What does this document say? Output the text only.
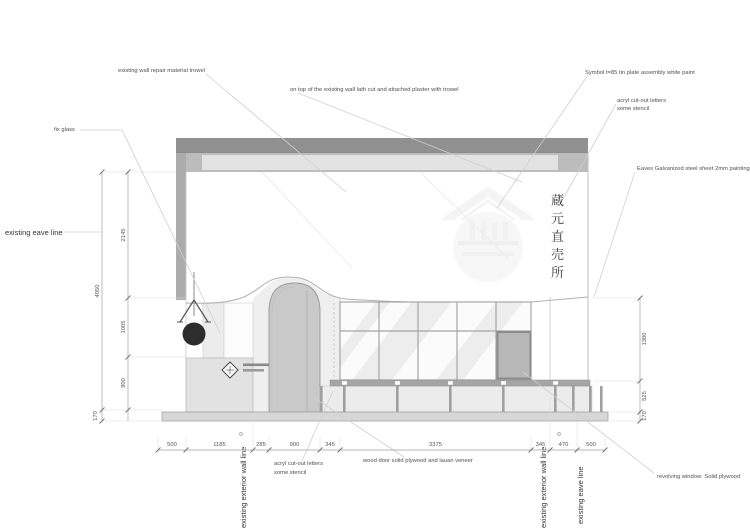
蔵
元
直
売
所
existing wall repair material trowel
on top of the existing wall lath cut and attached plaster with trowel
Symbol t=85 tin plate assembly white paint
acryl cut-out letters
some stencil
Eaves Galvanized steel sheet 2mm painting
fix glass
existing eave line
acryl cut-out letters
some stencil
wood door solid plywood and lauan veneer
revolving window: Solid plywood
existing exterior wall line	existing exterior wall line	existing eave line
500	1185	285	900	345	3375	345 470	500
4050
2145
1005
900
170
1380
525
170
